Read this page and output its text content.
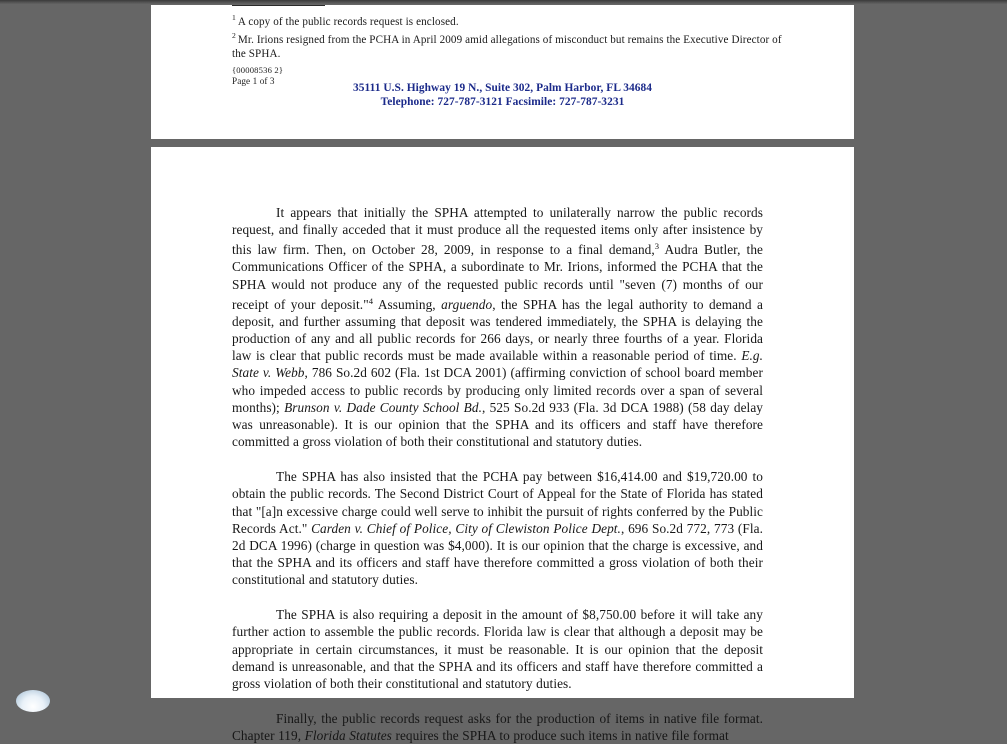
$^1$ A copy of the public records request is enclosed.
$^2$ Mr. Irions resigned from the PCHA in April 2009 amid allegations of misconduct but remains the Executive Director of the SPHA.
{00008536 2}
Page 1 of 3
35111 U.S. Highway 19 N., Suite 302, Palm Harbor, FL 34684
Telephone: 727-787-3121 Facsimile: 727-787-3231

It appears that initially the SPHA attempted to unilaterally narrow the public records request, and finally acceded that it must produce all the requested items only after insistence by this law firm. Then, on October 28, 2009, in response to a final demand,$^3$ Audra Butler, the Communications Officer of the SPHA, a subordinate to Mr. Irions, informed the PCHA that the SPHA would not produce any of the requested public records until "seven (7) months of our receipt of your deposit."$^4$ Assuming, arguendo, the SPHA has the legal authority to demand a deposit, and further assuming that deposit was tendered immediately, the SPHA is delaying the production of any and all public records for 266 days, or nearly three fourths of a year. Florida law is clear that public records must be made available within a reasonable period of time. E.g. State v. Webb, 786 So.2d 602 (Fla. 1st DCA 2001) (affirming conviction of school board member who impeded access to public records by producing only limited records over a span of several months); Brunson v. Dade County School Bd., 525 So.2d 933 (Fla. 3d DCA 1988) (58 day delay was unreasonable). It is our opinion that the SPHA and its officers and staff have therefore committed a gross violation of both their constitutional and statutory duties.

The SPHA has also insisted that the PCHA pay between $16,414.00 and $19,720.00 to obtain the public records. The Second District Court of Appeal for the State of Florida has stated that "[a]n excessive charge could well serve to inhibit the pursuit of rights conferred by the Public Records Act." Carden v. Chief of Police, City of Clewiston Police Dept., 696 So.2d 772, 773 (Fla. 2d DCA 1996) (charge in question was $4,000). It is our opinion that the charge is excessive, and that the SPHA and its officers and staff have therefore committed a gross violation of both their constitutional and statutory duties.

The SPHA is also requiring a deposit in the amount of $8,750.00 before it will take any further action to assemble the public records. Florida law is clear that although a deposit may be appropriate in certain circumstances, it must be reasonable. It is our opinion that the deposit demand is unreasonable, and that the SPHA and its officers and staff have therefore committed a gross violation of both their constitutional and statutory duties.

Finally, the public records request asks for the production of items in native file format. Chapter 119, Florida Statutes requires the SPHA to produce such items in native file format
